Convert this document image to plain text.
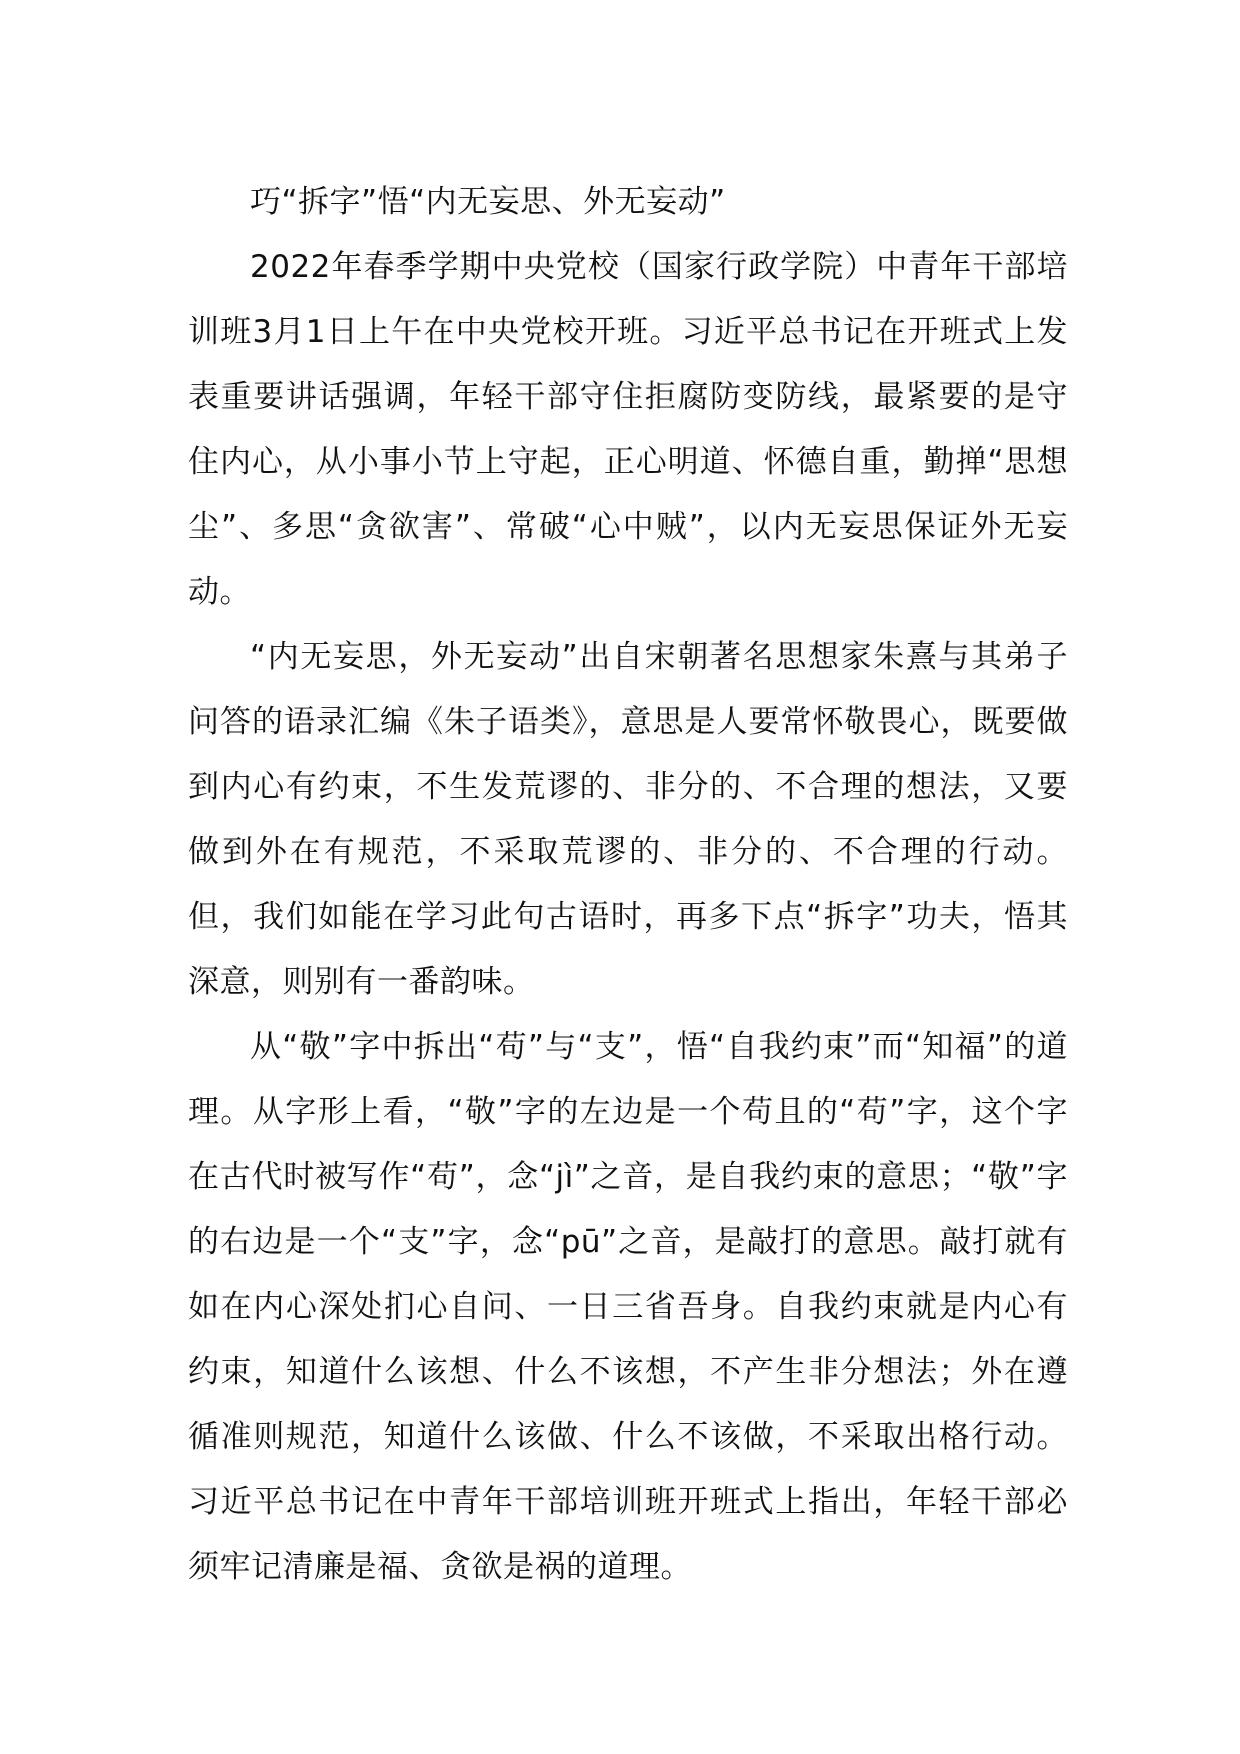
巧“拆字”悟“内无妄思、外无妄动”

2022年春季学期中央党校（国家行政学院）中青年干部培训班3月1日上午在中央党校开班。习近平总书记在开班式上发表重要讲话强调，年轻干部守住拒腐防变防线，最紧要的是守住内心，从小事小节上守起，正心明道、怀德自重，勤掸“思想尘”、多思“贪欲害”、常破“心中贼”，以内无妄思保证外无妄动。

“内无妄思，外无妄动”出自宋朝著名思想家朱熹与其弟子问答的语录汇编《朱子语类》，意思是人要常怀敬畏心，既要做到内心有约束，不生发荒谬的、非分的、不合理的想法，又要做到外在有规范，不采取荒谬的、非分的、不合理的行动。但，我们如能在学习此句古语时，再多下点“拆字”功夫，悟其深意，则别有一番韵味。

从“敬”字中拆出“苟”与“支”，悟“自我约束”而“知福”的道理。从字形上看，“敬”字的左边是一个苟且的“苟”字，这个字在古代时被写作“苟”，念“jì”之音，是自我约束的意思；“敬”字的右边是一个“支”字，念“pū”之音，是敲打的意思。敲打就有如在内心深处扪心自问、一日三省吾身。自我约束就是内心有约束，知道什么该想、什么不该想，不产生非分想法；外在遵循准则规范，知道什么该做、什么不该做，不采取出格行动。习近平总书记在中青年干部培训班开班式上指出，年轻干部必须牢记清廉是福、贪欲是祸的道理。
